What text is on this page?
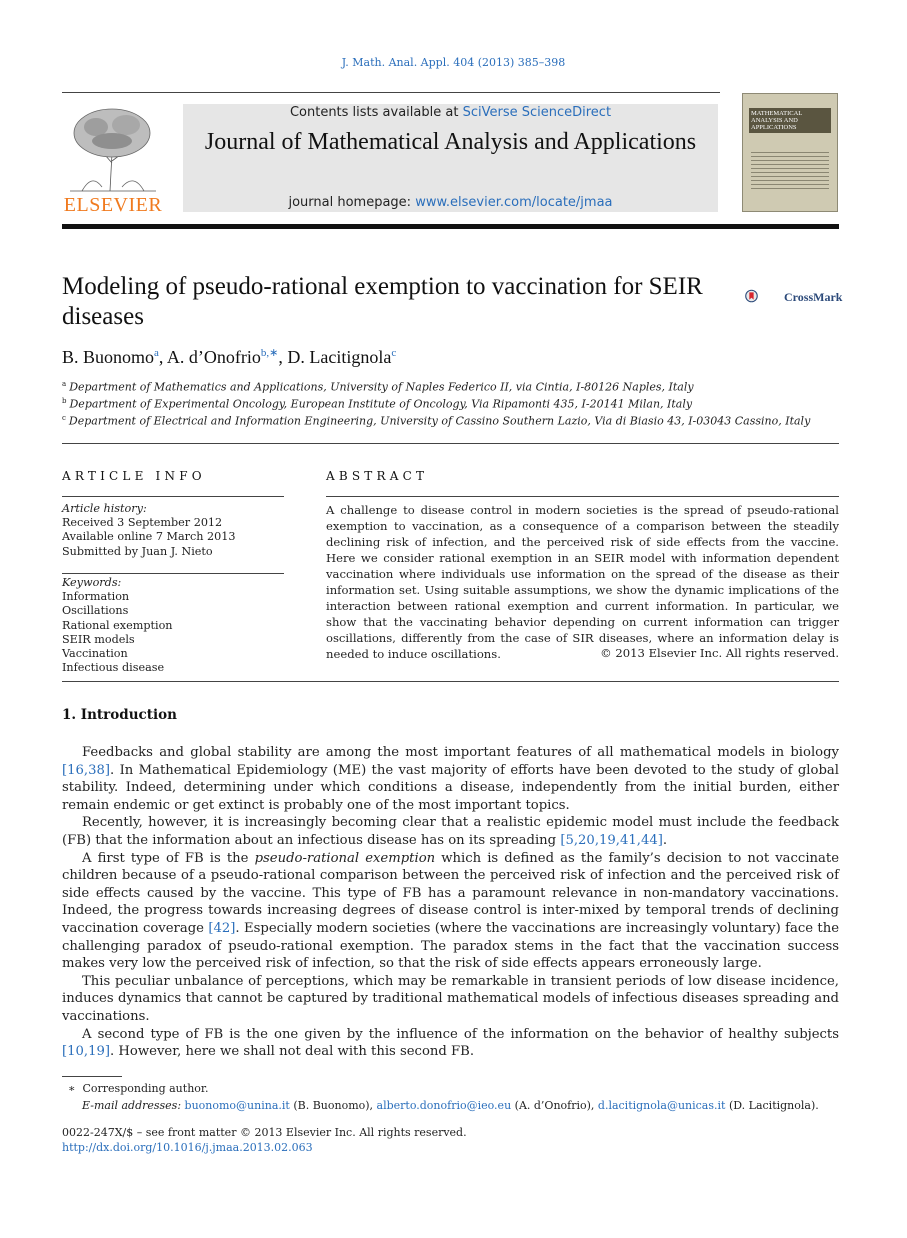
J. Math. Anal. Appl. 404 (2013) 385–398
ELSEVIER
Contents lists available at SciVerse ScienceDirect
Journal of Mathematical Analysis and Applications
journal homepage: www.elsevier.com/locate/jmaa
MATHEMATICAL ANALYSIS AND APPLICATIONS
Modeling of pseudo-rational exemption to vaccination for SEIR diseases
CrossMark
B. Buonomo$^a$, A. d’Onofrio$^{b,∗}$, D. Lacitignola$^c$
$^a$ Department of Mathematics and Applications, University of Naples Federico II, via Cintia, I-80126 Naples, Italy
$^b$ Department of Experimental Oncology, European Institute of Oncology, Via Ripamonti 435, I-20141 Milan, Italy
$^c$ Department of Electrical and Information Engineering, University of Cassino Southern Lazio, Via di Biasio 43, I-03043 Cassino, Italy
ARTICLE INFO	ABSTRACT
Article history:
Received 3 September 2012
Available online 7 March 2013
Submitted by Juan J. Nieto
Keywords:
Information
Oscillations
Rational exemption
SEIR models
Vaccination
Infectious disease
A challenge to disease control in modern societies is the spread of pseudo-rational exemption to vaccination, as a consequence of a comparison between the steadily declining risk of infection, and the perceived risk of side effects from the vaccine. Here we consider rational exemption in an SEIR model with information dependent vaccination where individuals use information on the spread of the disease as their information set. Using suitable assumptions, we show the dynamic implications of the interaction between rational exemption and current information. In particular, we show that the vaccinating behavior depending on current information can trigger oscillations, differently from the case of SIR diseases, where an information delay is needed to induce oscillations.	© 2013 Elsevier Inc. All rights reserved.
1. Introduction

Feedbacks and global stability are among the most important features of all mathematical models in biology [16,38]. In Mathematical Epidemiology (ME) the vast majority of efforts have been devoted to the study of global stability. Indeed, determining under which conditions a disease, independently from the initial burden, either remain endemic or get extinct is probably one of the most important topics.

Recently, however, it is increasingly becoming clear that a realistic epidemic model must include the feedback (FB) that the information about an infectious disease has on its spreading [5,20,19,41,44].

A first type of FB is the pseudo-rational exemption which is defined as the family’s decision to not vaccinate children because of a pseudo-rational comparison between the perceived risk of infection and the perceived risk of side effects caused by the vaccine. This type of FB has a paramount relevance in non-mandatory vaccinations. Indeed, the progress towards increasing degrees of disease control is inter-mixed by temporal trends of declining vaccination coverage [42]. Especially modern societies (where the vaccinations are increasingly voluntary) face the challenging paradox of pseudo-rational exemption. The paradox stems in the fact that the vaccination success makes very low the perceived risk of infection, so that the risk of side effects appears erroneously large.

This peculiar unbalance of perceptions, which may be remarkable in transient periods of low disease incidence, induces dynamics that cannot be captured by traditional mathematical models of infectious diseases spreading and vaccinations.

A second type of FB is the one given by the influence of the information on the behavior of healthy subjects [10,19]. However, here we shall not deal with this second FB.

∗ Corresponding author.
E-mail addresses: buonomo@unina.it (B. Buonomo), alberto.donofrio@ieo.eu (A. d’Onofrio), d.lacitignola@unicas.it (D. Lacitignola).
0022-247X/$ – see front matter © 2013 Elsevier Inc. All rights reserved.
http://dx.doi.org/10.1016/j.jmaa.2013.02.063
